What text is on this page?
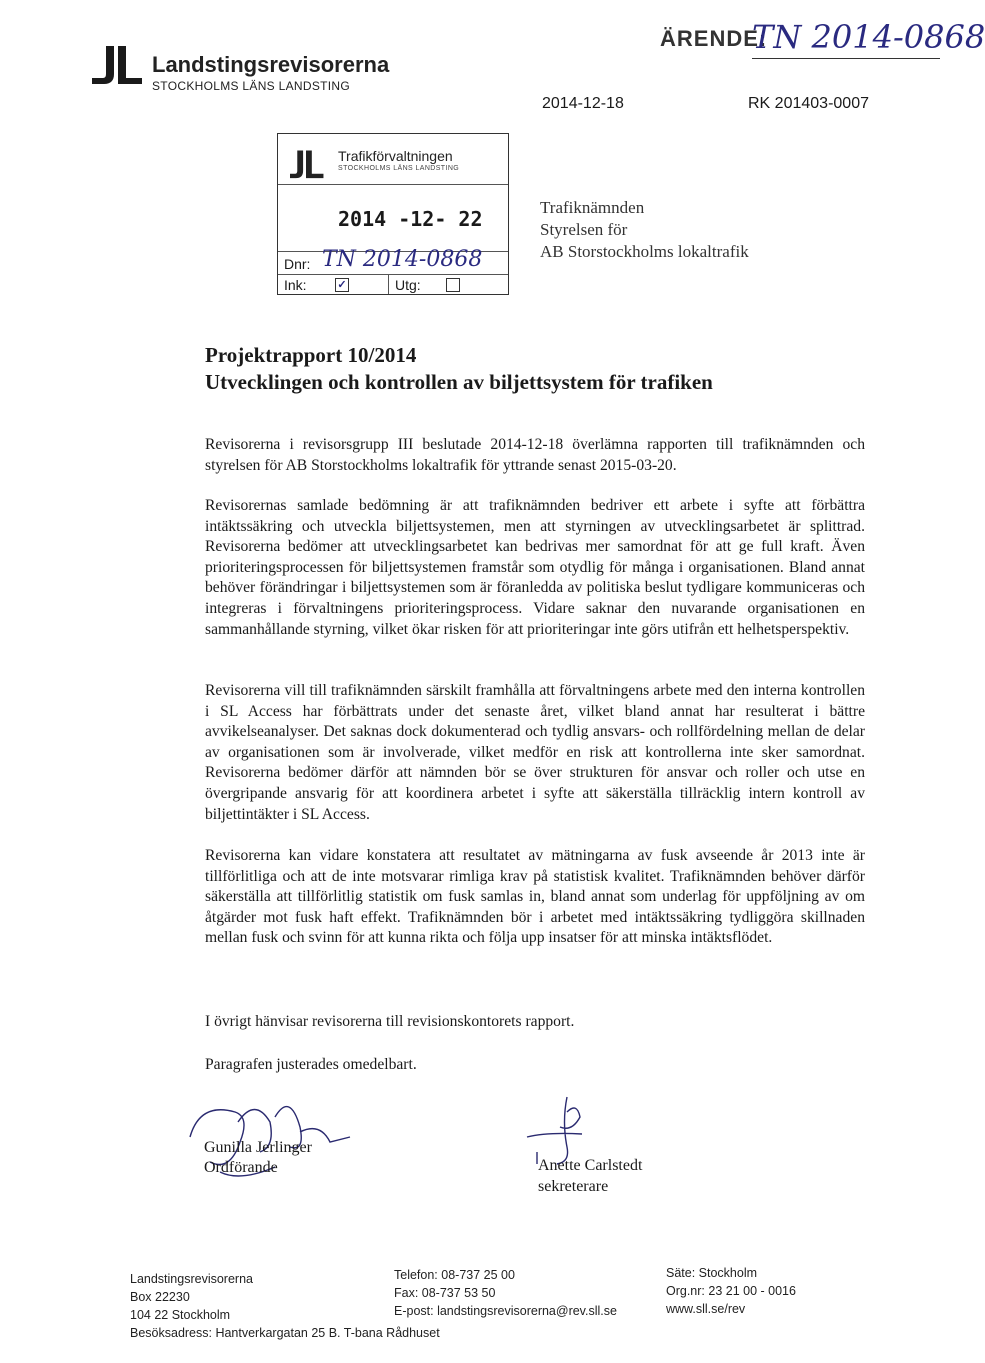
Landstingsrevisorerna
STOCKHOLMS LÄNS LANDSTING
ÄRENDE:
TN 2014-0868
2014-12-18	RK 201403-0007
Trafikförvaltningen
STOCKHOLMS LÄNS LANDSTING
2014 -12- 22
Dnr: TN 2014-0868
Ink:	✓	Utg:
Trafiknämnden
Styrelsen för
AB Storstockholms lokaltrafik
Projektrapport 10/2014
Utvecklingen och kontrollen av biljettsystem för trafiken
Revisorerna i revisorsgrupp III beslutade 2014-12-18 överlämna rapporten till trafiknämnden och styrelsen för AB Storstockholms lokaltrafik för yttrande senast 2015-03-20.
Revisorernas samlade bedömning är att trafiknämnden bedriver ett arbete i syfte att förbättra intäktssäkring och utveckla biljettsystemen, men att styrningen av utvecklingsarbetet är splittrad. Revisorerna bedömer att utvecklingsarbetet kan bedrivas mer samordnat för att ge full kraft. Även prioriteringsprocessen för biljettsystemen framstår som otydlig för många i organisationen. Bland annat behöver förändringar i biljettsystemen som är föranledda av politiska beslut tydligare kommuniceras och integreras i förvaltningens prioriteringsprocess. Vidare saknar den nuvarande organisationen en sammanhållande styrning, vilket ökar risken för att prioriteringar inte görs utifrån ett helhetsperspektiv.
Revisorerna vill till trafiknämnden särskilt framhålla att förvaltningens arbete med den interna kontrollen i SL Access har förbättrats under det senaste året, vilket bland annat har resulterat i bättre avvikelseanalyser. Det saknas dock dokumenterad och tydlig ansvars- och rollfördelning mellan de delar av organisationen som är involverade, vilket medför en risk att kontrollerna inte sker samordnat. Revisorerna bedömer därför att nämnden bör se över strukturen för ansvar och roller och utse en övergripande ansvarig för att koordinera arbetet i syfte att säkerställa tillräcklig intern kontroll av biljettintäkter i SL Access.
Revisorerna kan vidare konstatera att resultatet av mätningarna av fusk avseende år 2013 inte är tillförlitliga och att de inte motsvarar rimliga krav på statistisk kvalitet. Trafiknämnden behöver därför säkerställa att tillförlitlig statistik om fusk samlas in, bland annat som underlag för uppföljning av om åtgärder mot fusk haft effekt. Trafiknämnden bör i arbetet med intäktssäkring tydliggöra skillnaden mellan fusk och svinn för att kunna rikta och följa upp insatser för att minska intäktsflödet.
I övrigt hänvisar revisorerna till revisionskontorets rapport.
Paragrafen justerades omedelbart.
Gunilla Jerlinger
Ordförande	Anette Carlstedt
sekreterare
Landstingsrevisorerna
Box 22230
104 22 Stockholm
Telefon: 08-737 25 00
Fax: 08-737 53 50
E-post: landstingsrevisorerna@rev.sll.se
Säte: Stockholm
Org.nr: 23 21 00 - 0016
www.sll.se/rev
Besöksadress: Hantverkargatan 25 B. T-bana Rådhuset
